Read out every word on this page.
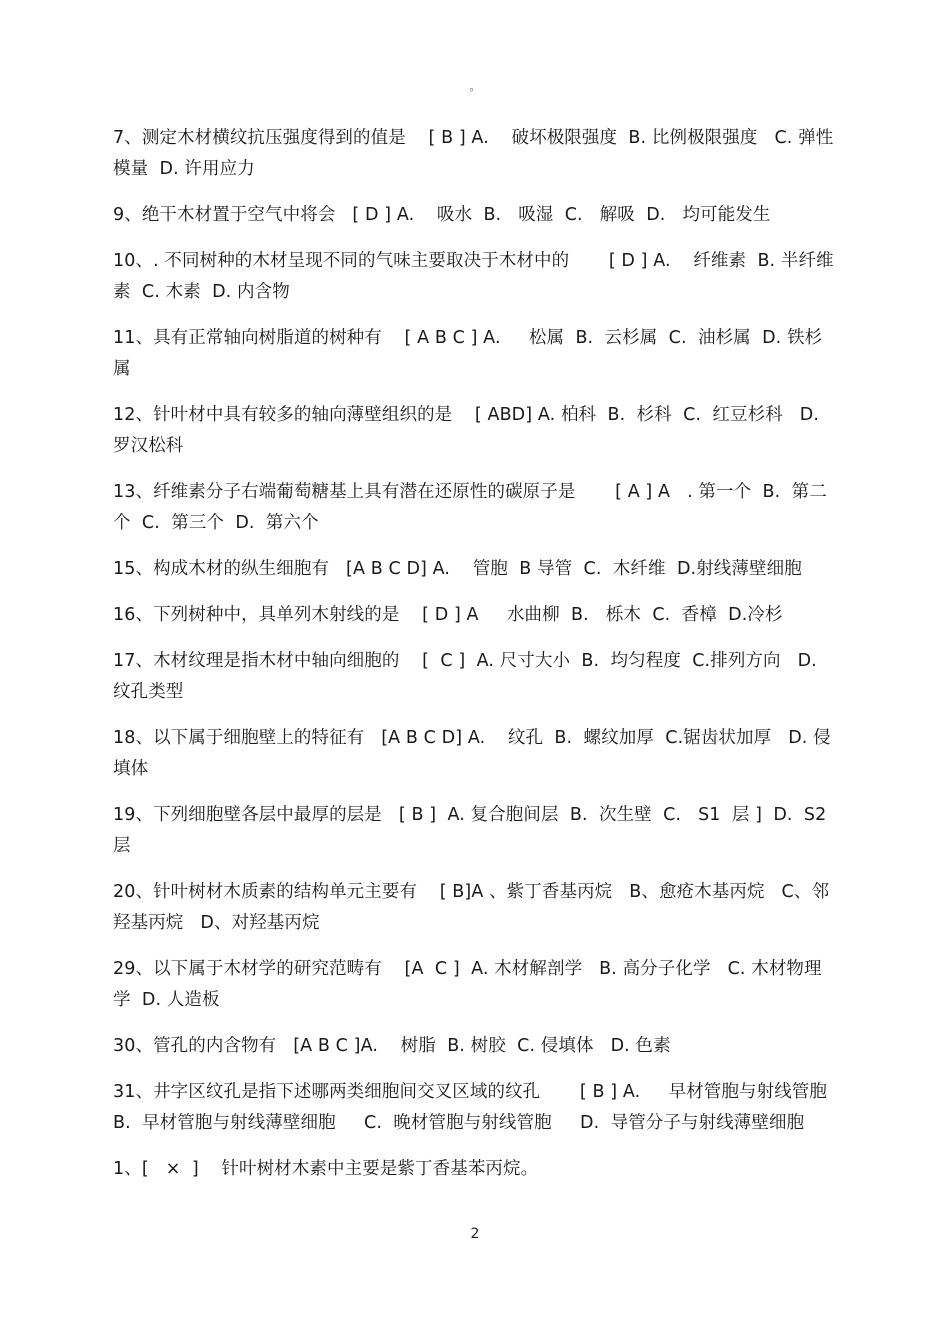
。

7、测定木材横纹抗压强度得到的值是    [ B ] A.    破坏极限强度  B. 比例极限强度   C. 弹性模量  D. 许用应力

9、绝干木材置于空气中将会   [ D ] A.    吸水  B.   吸湿  C.   解吸  D.   均可能发生

10、. 不同树种的木材呈现不同的气味主要取决于木材中的       [ D ] A.    纤维素  B. 半纤维素  C. 木素  D. 内含物

11、具有正常轴向树脂道的树种有    [ A B C ] A.     松属  B.  云杉属  C.  油杉属  D. 铁杉属

12、针叶材中具有较多的轴向薄壁组织的是    [ ABD] A. 柏科  B.  杉科  C.  红豆杉科   D. 罗汉松科

13、纤维素分子右端葡萄糖基上具有潜在还原性的碳原子是       [ A ] A   . 第一个  B.  第二个  C.  第三个  D.  第六个

15、构成木材的纵生细胞有   [A B C D] A.    管胞  B 导管  C.  木纤维  D.射线薄壁细胞

16、下列树种中，具单列木射线的是    [ D ] A     水曲柳  B.   栎木  C.  香樟  D.冷杉

17、木材纹理是指木材中轴向细胞的    [  C ]  A. 尺寸大小  B.  均匀程度  C.排列方向   D. 纹孔类型

18、以下属于细胞壁上的特征有   [A B C D] A.    纹孔  B.  螺纹加厚  C.锯齿状加厚   D. 侵填体

19、下列细胞壁各层中最厚的层是   [ B ]  A. 复合胞间层  B.  次生壁  C.   S1  层 ]  D.  S2 层

20、针叶树材木质素的结构单元主要有    [ B]A 、紫丁香基丙烷   B、愈疮木基丙烷   C、邻羟基丙烷   D、对羟基丙烷

29、以下属于木材学的研究范畴有    [A  C ]  A. 木材解剖学   B. 高分子化学   C. 木材物理学  D. 人造板

30、管孔的内含物有   [A B C ]A.    树脂  B. 树胶  C. 侵填体   D. 色素

31、井字区纹孔是指下述哪两类细胞间交叉区域的纹孔       [ B ] A.     早材管胞与射线管胞  B.  早材管胞与射线薄壁细胞     C.  晚材管胞与射线管胞     D.  导管分子与射线薄壁细胞

1、[   ×  ]    针叶树材木素中主要是紫丁香基苯丙烷。

2
